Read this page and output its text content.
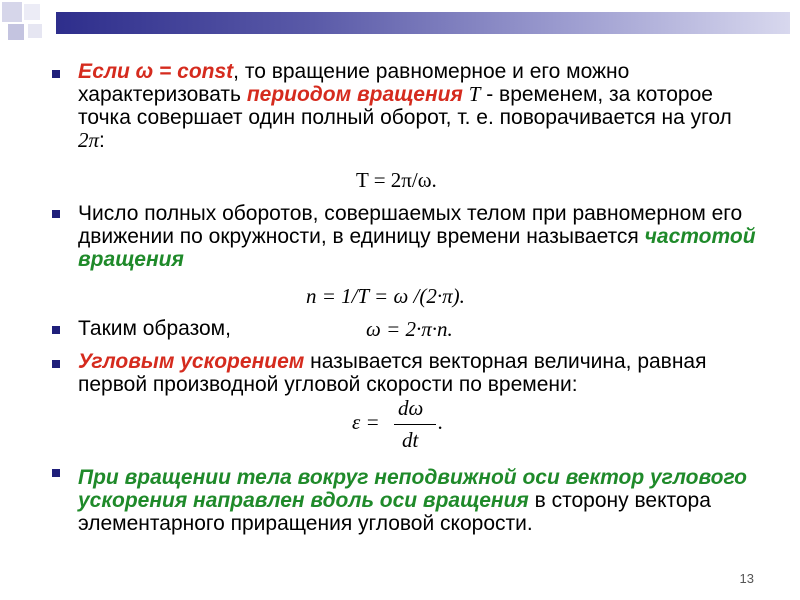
Если ω = const, то вращение равномерное и его можно характеризовать периодом вращения T - временем, за которое точка совершает один полный оборот, т. е. поворачивается на угол 2π:
T = 2π/ω.
Число полных оборотов, совершаемых телом при равномерном его движении по окружности, в единицу времени называется частотой вращения
n = 1/T = ω /(2·π).
Таким образом,	ω = 2·π·n.
Угловым ускорением называется векторная величина, равная первой производной угловой скорости по времени:
ε =
dω
dt
.
При вращении тела вокруг неподвижной оси вектор углового ускорения направлен вдоль оси вращения в сторону вектора элементарного приращения угловой скорости.
13
